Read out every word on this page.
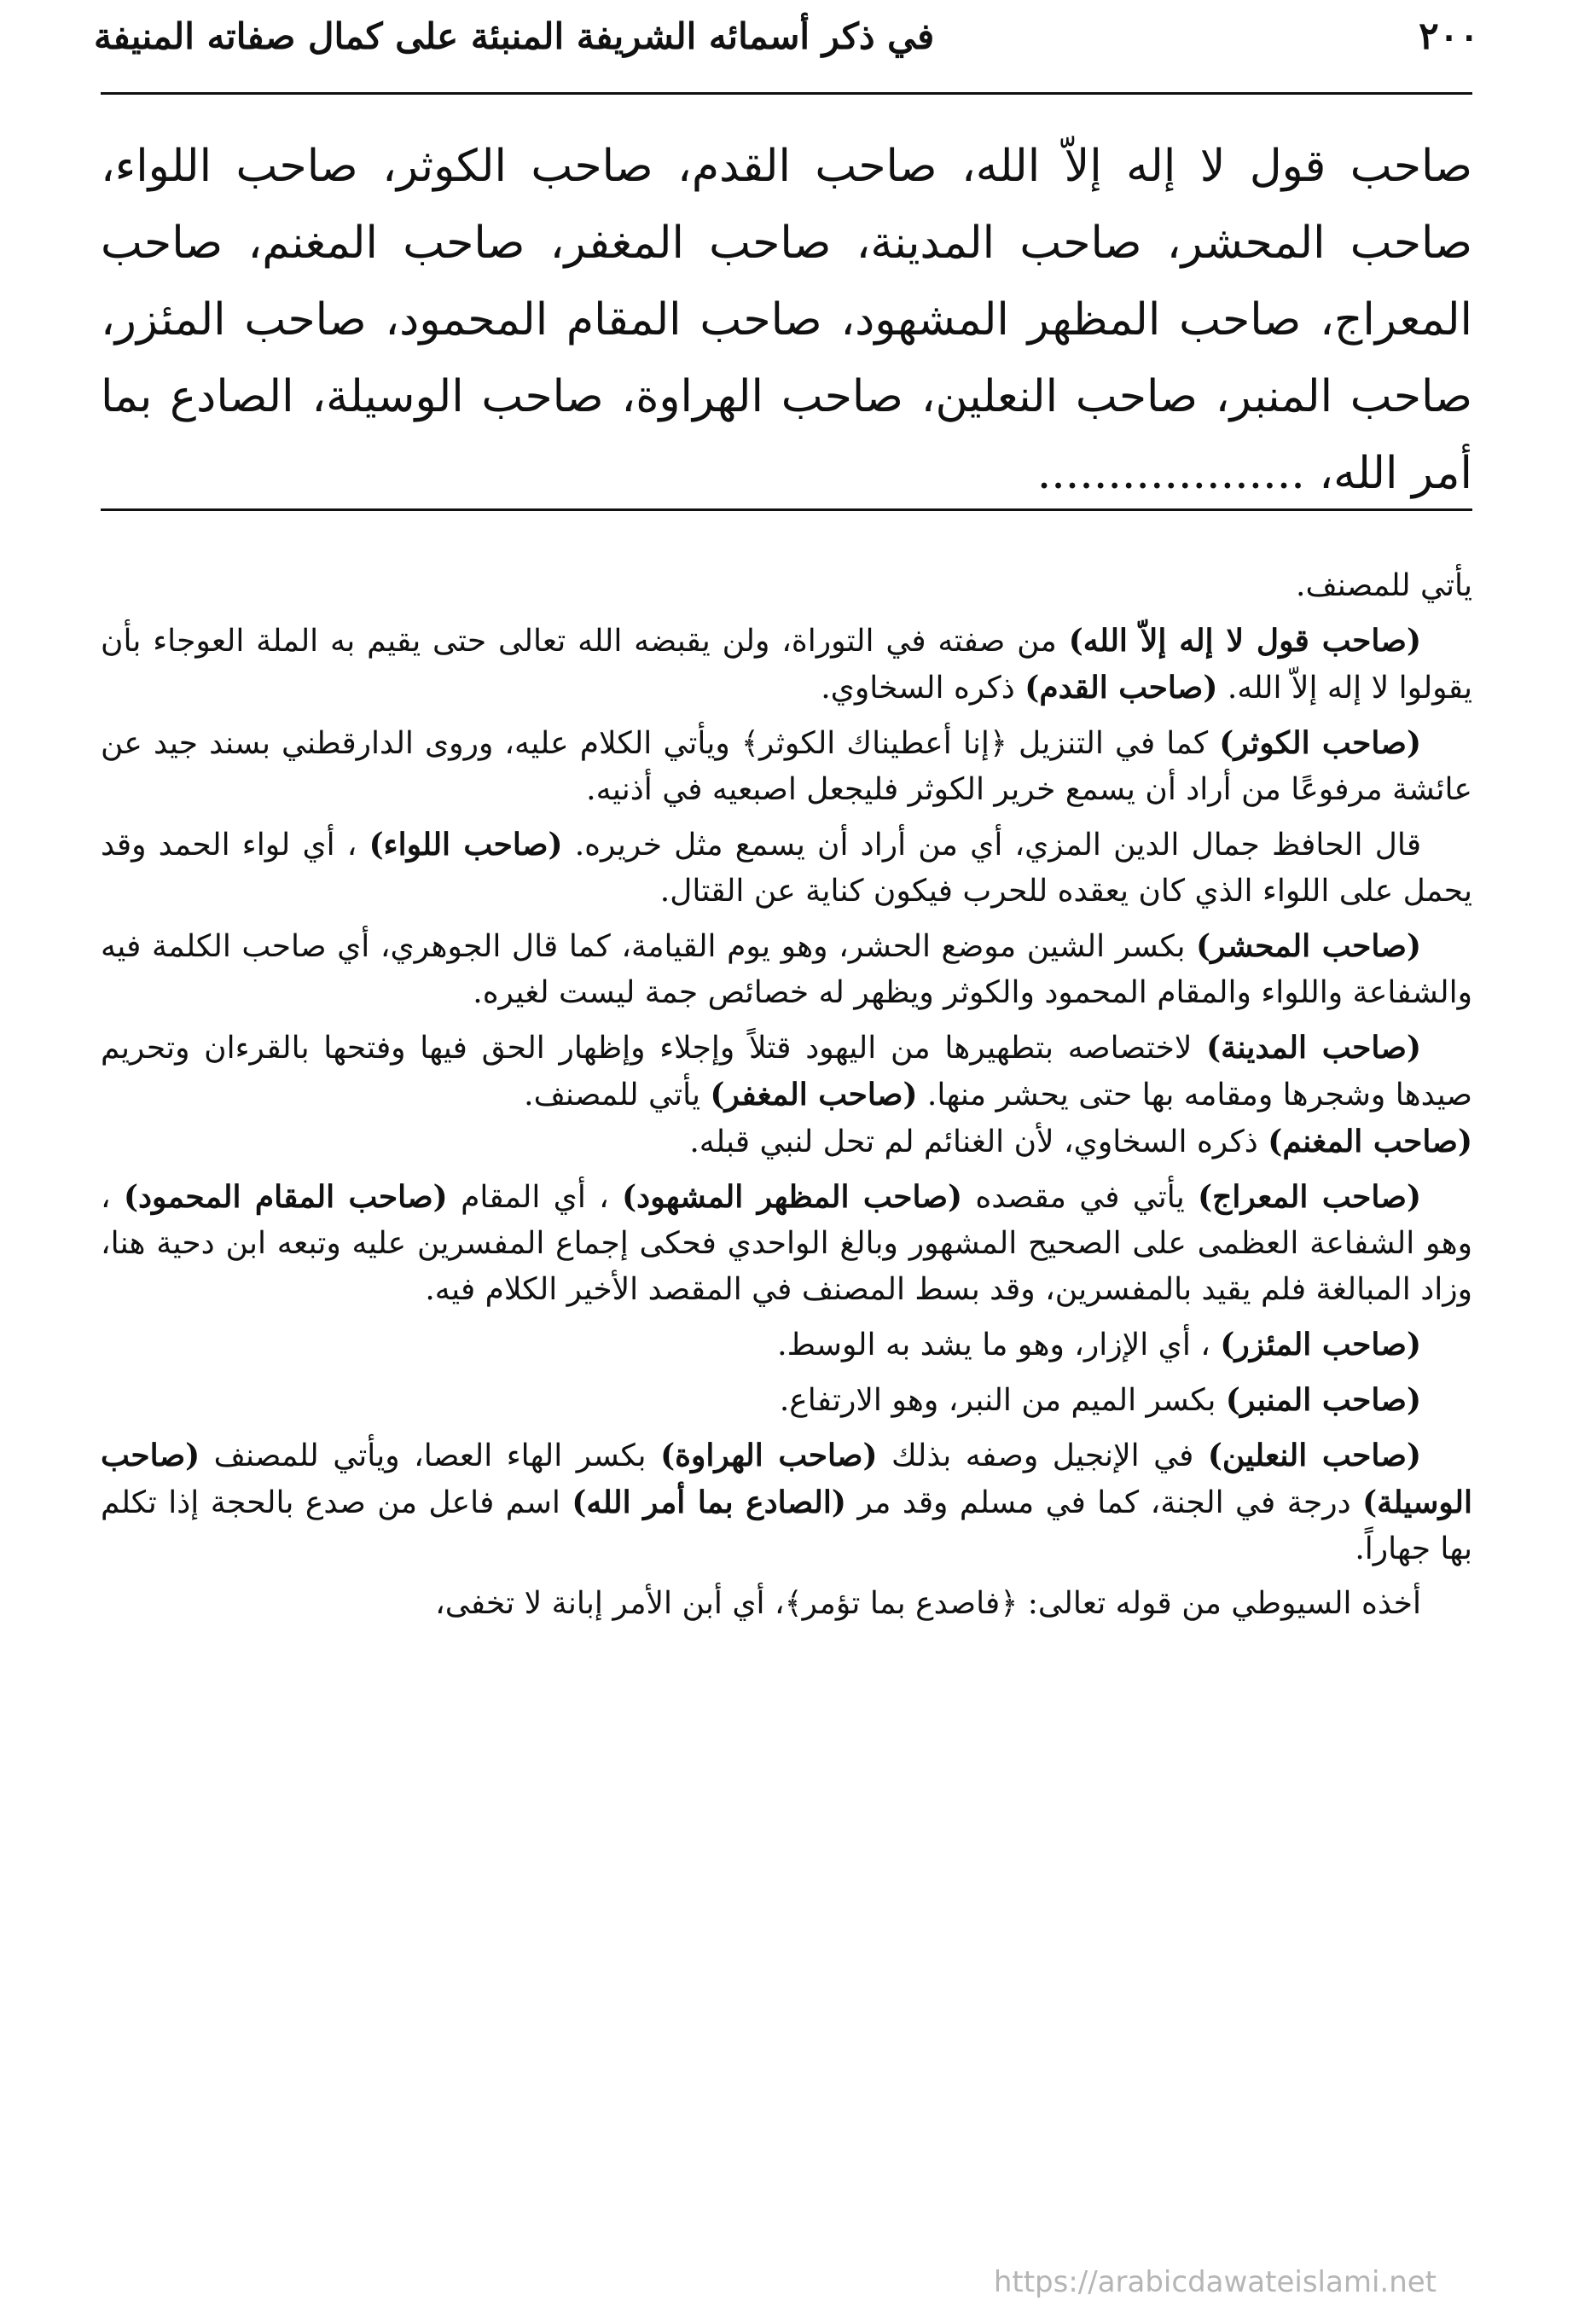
٢٠٠
في ذكر أسمائه الشريفة المنبئة على كمال صفاته المنيفة
صاحب قول لا إله إلاّ الله، صاحب القدم، صاحب الكوثر، صاحب اللواء، صاحب المحشر، صاحب المدينة، صاحب المغفر، صاحب المغنم، صاحب المعراج، صاحب المظهر المشهود، صاحب المقام المحمود، صاحب المئزر، صاحب المنبر، صاحب النعلين، صاحب الهراوة، صاحب الوسيلة، الصادع بما أمر الله، ...................

يأتي للمصنف.

(صاحب قول لا إله إلاّ الله) من صفته في التوراة، ولن يقبضه الله تعالى حتى يقيم به الملة العوجاء بأن يقولوا لا إله إلاّ الله. (صاحب القدم) ذكره السخاوي.

(صاحب الكوثر) كما في التنزيل ﴿إنا أعطيناك الكوثر﴾ ويأتي الكلام عليه، وروى الدارقطني بسند جيد عن عائشة مرفوعًا من أراد أن يسمع خرير الكوثر فليجعل اصبعيه في أذنيه.

قال الحافظ جمال الدين المزي، أي من أراد أن يسمع مثل خريره. (صاحب اللواء) ، أي لواء الحمد وقد يحمل على اللواء الذي كان يعقده للحرب فيكون كناية عن القتال.

(صاحب المحشر) بكسر الشين موضع الحشر، وهو يوم القيامة، كما قال الجوهري، أي صاحب الكلمة فيه والشفاعة واللواء والمقام المحمود والكوثر ويظهر له خصائص جمة ليست لغيره.

(صاحب المدينة) لاختصاصه بتطهيرها من اليهود قتلاً وإجلاء وإظهار الحق فيها وفتحها بالقرءان وتحريم صيدها وشجرها ومقامه بها حتى يحشر منها. (صاحب المغفر) يأتي للمصنف.
(صاحب المغنم) ذكره السخاوي، لأن الغنائم لم تحل لنبي قبله.

(صاحب المعراج) يأتي في مقصده (صاحب المظهر المشهود) ، أي المقام (صاحب المقام المحمود) ، وهو الشفاعة العظمى على الصحيح المشهور وبالغ الواحدي فحكى إجماع المفسرين عليه وتبعه ابن دحية هنا، وزاد المبالغة فلم يقيد بالمفسرين، وقد بسط المصنف في المقصد الأخير الكلام فيه.

(صاحب المئزر) ، أي الإزار، وهو ما يشد به الوسط.

(صاحب المنبر) بكسر الميم من النبر، وهو الارتفاع.

(صاحب النعلين) في الإنجيل وصفه بذلك (صاحب الهراوة) بكسر الهاء العصا، ويأتي للمصنف (صاحب الوسيلة) درجة في الجنة، كما في مسلم وقد مر (الصادع بما أمر الله) اسم فاعل من صدع بالحجة إذا تكلم بها جهاراً.

أخذه السيوطي من قوله تعالى: ﴿فاصدع بما تؤمر﴾، أي أبن الأمر إبانة لا تخفى،

https://arabicdawateislami.net
